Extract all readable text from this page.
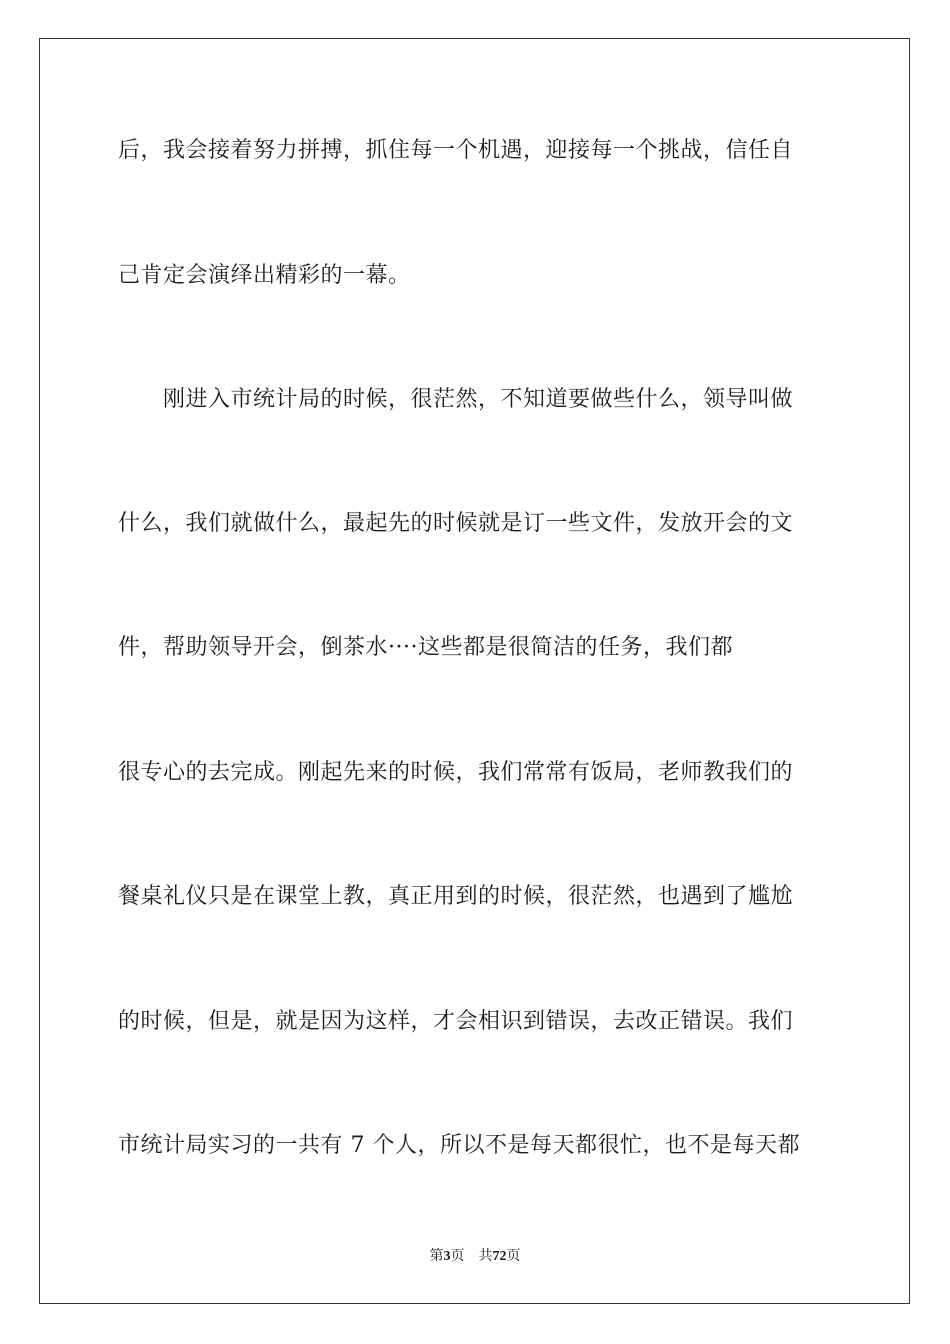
后，我会接着努力拼搏，抓住每一个机遇，迎接每一个挑战，信任自
己肯定会演绎出精彩的一幕。
刚进入市统计局的时候，很茫然，不知道要做些什么，领导叫做
什么，我们就做什么，最起先的时候就是订一些文件，发放开会的文
件，帮助领导开会，倒茶水····这些都是很简洁的任务，我们都
很专心的去完成。刚起先来的时候，我们常常有饭局，老师教我们的
餐桌礼仪只是在课堂上教，真正用到的时候，很茫然，也遇到了尴尬
的时候，但是，就是因为这样，才会相识到错误，去改正错误。我们
市统计局实习的一共有 7 个人，所以不是每天都很忙，也不是每天都
第3页 共72页
